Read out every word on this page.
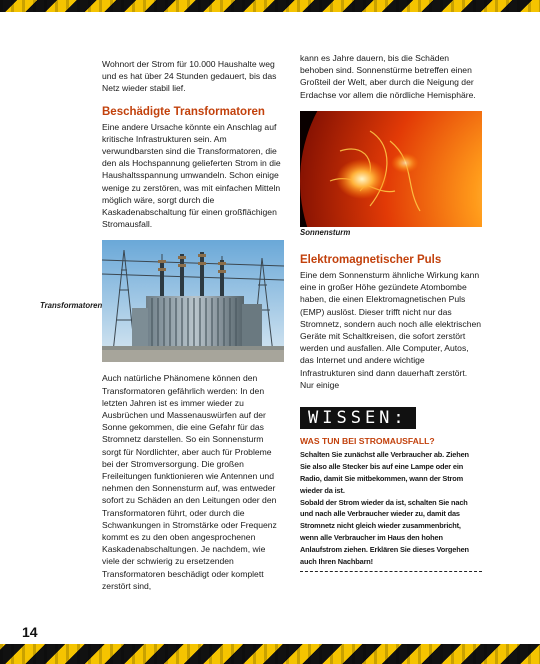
Transformatoren

Wohnort der Strom für 10.000 Haushalte weg und es hat über 24 Stunden gedauert, bis das Netz wieder stabil lief.

Beschädigte Transformatoren

Eine andere Ursache könnte ein Anschlag auf kritische Infrastrukturen sein. Am verwundbarsten sind die Transformatoren, die den als Hochspannung gelieferten Strom in die Haushaltsspannung umwandeln. Schon einige wenige zu zerstören, was mit einfachen Mitteln möglich wäre, sorgt durch die Kaskadenabschaltung für einen großflächigen Stromausfall.

Auch natürliche Phänomene können den Transformatoren gefährlich werden: In den letzten Jahren ist es immer wieder zu Ausbrüchen und Massenauswürfen auf der Sonne gekommen, die eine Gefahr für das Stromnetz darstellen. So ein Sonnensturm sorgt für Nordlichter, aber auch für Probleme bei der Stromversorgung. Die großen Freileitungen funktionieren wie Antennen und nehmen den Sonnensturm auf, was entweder sofort zu Schäden an den Leitungen oder den Transformatoren führt, oder durch die Schwankungen in Stromstärke oder Frequenz kommt es zu den oben angesprochenen Kaskadenabschaltungen. Je nachdem, wie viele der schwierig zu ersetzenden Transformatoren beschädigt oder komplett zerstört sind,

kann es Jahre dauern, bis die Schäden behoben sind. Sonnenstürme betreffen einen Großteil der Welt, aber durch die Neigung der Erdachse vor allem die nördliche Hemisphäre.

Sonnensturm

Elektromagnetischer Puls

Eine dem Sonnensturm ähnliche Wirkung kann eine in großer Höhe gezündete Atombombe haben, die einen Elektromagnetischen Puls (EMP) auslöst. Dieser trifft nicht nur das Stromnetz, sondern auch noch alle elektrischen Geräte mit Schaltkreisen, die sofort zerstört werden und ausfallen. Alle Computer, Autos, das Internet und andere wichtige Infrastrukturen sind dann dauerhaft zerstört. Nur einige

WISSEN:

WAS TUN BEI STROMAUSFALL?

Schalten Sie zunächst alle Verbraucher ab. Ziehen Sie also alle Stecker bis auf eine Lampe oder ein Radio, damit Sie mitbekommen, wann der Strom wieder da ist.

Sobald der Strom wieder da ist, schalten Sie nach und nach alle Verbraucher wieder zu, damit das Stromnetz nicht gleich wieder zusammenbricht, wenn alle Verbraucher im Haus den hohen Anlaufstrom ziehen. Erklären Sie dieses Vorgehen auch Ihren Nachbarn!

14
